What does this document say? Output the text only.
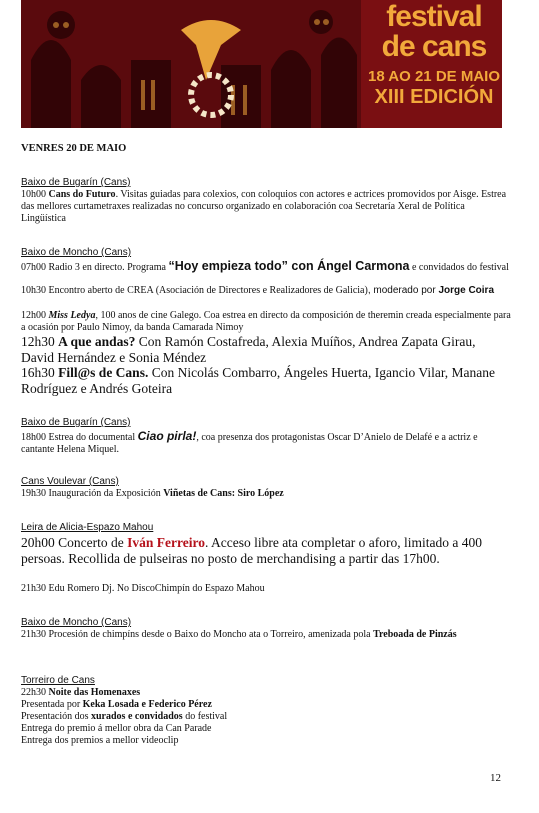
festival
de cans
18 AO 21 DE MAIO
XIII EDICIÓN
VENRES 20 DE MAIO
Baixo de Bugarín (Cans)
10h00 Cans do Futuro. Visitas guiadas para colexios, con coloquios con actores e actrices promovidos por Aisge. Estrea das mellores curtametraxes realizadas no concurso organizado en colaboración coa Secretaría Xeral de Política Lingüística
Baixo de Moncho (Cans)
07h00 Radio 3 en directo. Programa “Hoy empieza todo” con Ángel Carmona e convidados do festival
10h30 Encontro aberto de CREA (Asociación de Directores e Realizadores de Galicia), moderado por Jorge Coira
12h00 Miss Ledya, 100 anos de cine Galego. Coa estrea en directo da composición de theremin creada especialmente para a ocasión por Paulo Nimoy, da banda Camarada Nimoy
12h30 A que andas? Con Ramón Costafreda, Alexia Muíños, Andrea Zapata Girau, David Hernández e Sonia Méndez
16h30 Fill@s de Cans. Con Nicolás Combarro, Ángeles Huerta, Igancio Vilar, Manane Rodríguez e Andrés Goteira
Baixo de Bugarín (Cans)
18h00 Estrea do documental Ciao pirla!, coa presenza dos protagonistas Oscar D’Anielo de Delafé e a actriz e cantante Helena Miquel.
Cans Voulevar (Cans)
19h30 Inauguración da Exposición Viñetas de Cans: Siro López
Leira de Alicia-Espazo Mahou
20h00 Concerto de Iván Ferreiro. Acceso libre ata completar o aforo, limitado a 400 persoas. Recollida de pulseiras no posto de merchandising a partir das 17h00.
21h30 Edu Romero Dj. No DiscoChimpín do Espazo Mahou
Baixo de Moncho (Cans)
21h30 Procesión de chimpíns desde o Baixo do Moncho ata o Torreiro, amenizada pola Treboada de Pinzás
Torreiro de Cans
22h30 Noite das Homenaxes
Presentada por Keka Losada e Federico Pérez
Presentación dos xurados e convidados do festival
Entrega do premio á mellor obra da Can Parade
Entrega dos premios a mellor videoclip
12
